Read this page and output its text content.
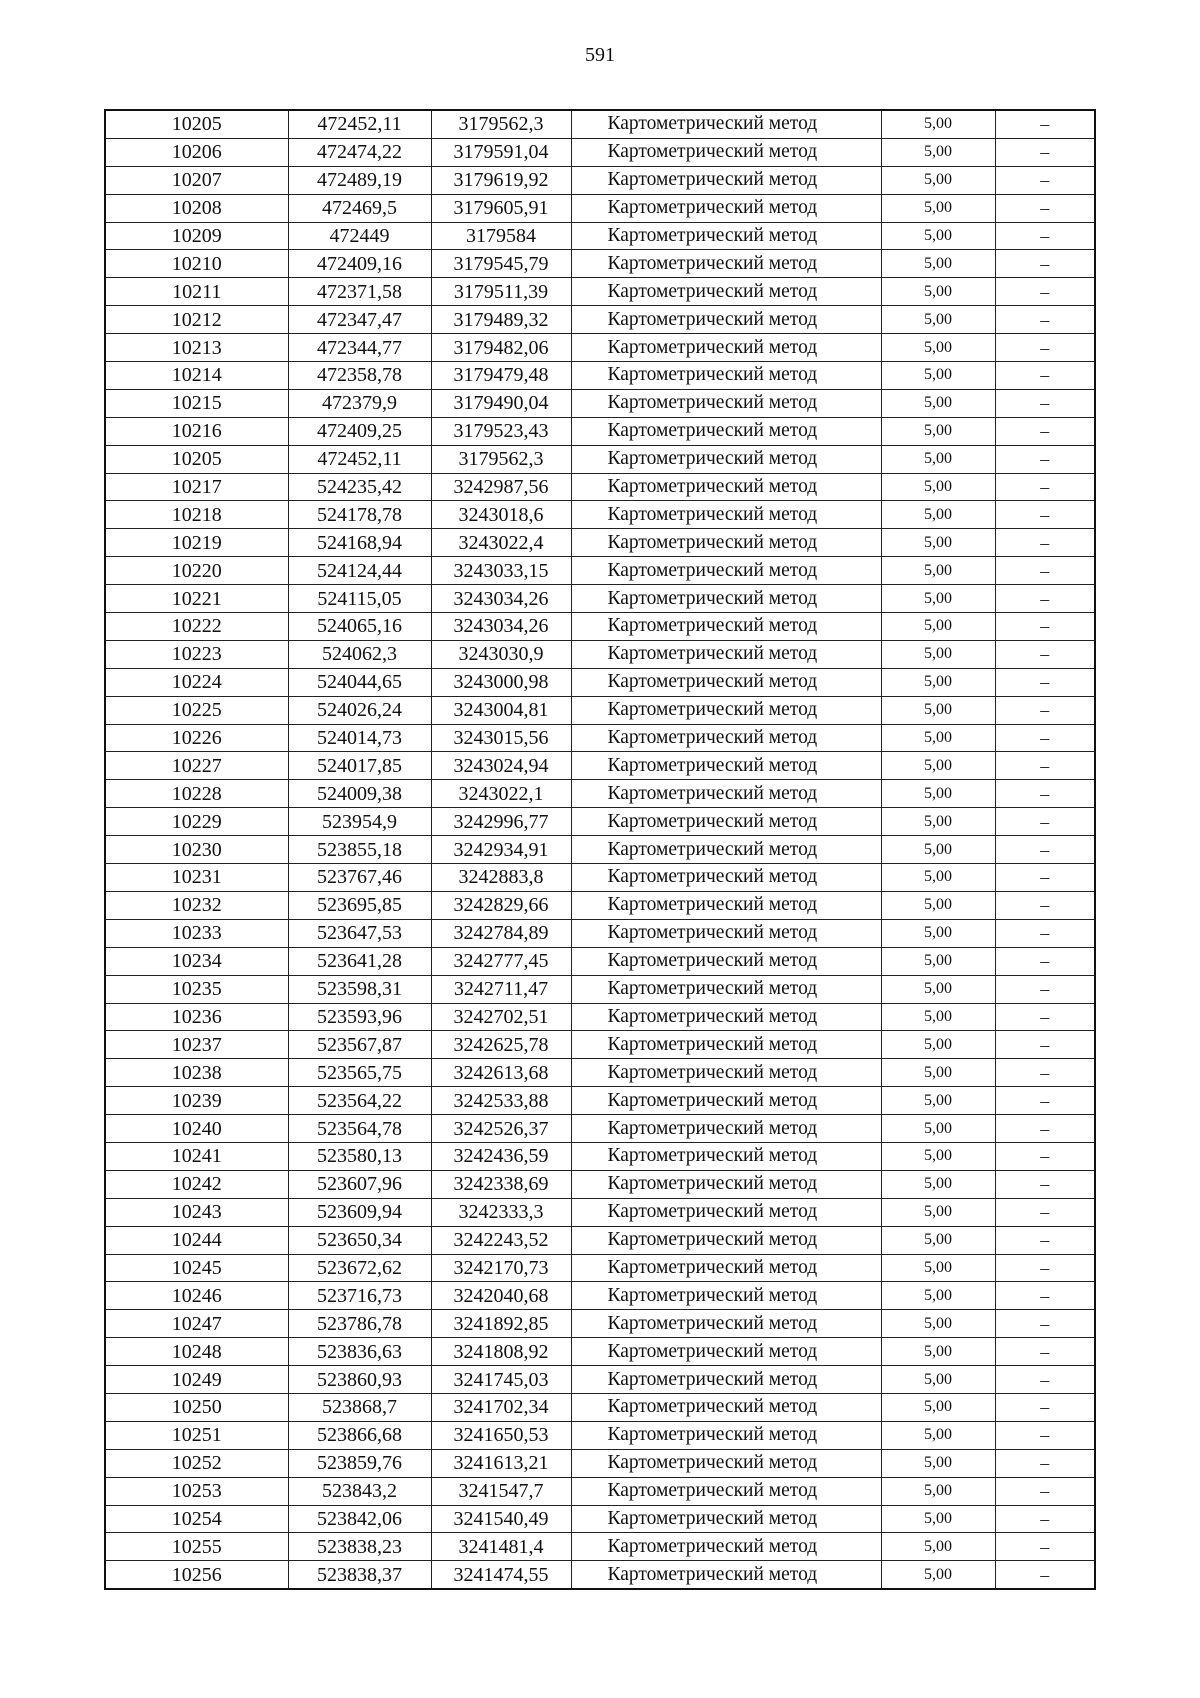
591
10205	472452,11	3179562,3	Картометрический метод	5,00	–
10206	472474,22	3179591,04	Картометрический метод	5,00	–
10207	472489,19	3179619,92	Картометрический метод	5,00	–
10208	472469,5	3179605,91	Картометрический метод	5,00	–
10209	472449	3179584	Картометрический метод	5,00	–
10210	472409,16	3179545,79	Картометрический метод	5,00	–
10211	472371,58	3179511,39	Картометрический метод	5,00	–
10212	472347,47	3179489,32	Картометрический метод	5,00	–
10213	472344,77	3179482,06	Картометрический метод	5,00	–
10214	472358,78	3179479,48	Картометрический метод	5,00	–
10215	472379,9	3179490,04	Картометрический метод	5,00	–
10216	472409,25	3179523,43	Картометрический метод	5,00	–
10205	472452,11	3179562,3	Картометрический метод	5,00	–
10217	524235,42	3242987,56	Картометрический метод	5,00	–
10218	524178,78	3243018,6	Картометрический метод	5,00	–
10219	524168,94	3243022,4	Картометрический метод	5,00	–
10220	524124,44	3243033,15	Картометрический метод	5,00	–
10221	524115,05	3243034,26	Картометрический метод	5,00	–
10222	524065,16	3243034,26	Картометрический метод	5,00	–
10223	524062,3	3243030,9	Картометрический метод	5,00	–
10224	524044,65	3243000,98	Картометрический метод	5,00	–
10225	524026,24	3243004,81	Картометрический метод	5,00	–
10226	524014,73	3243015,56	Картометрический метод	5,00	–
10227	524017,85	3243024,94	Картометрический метод	5,00	–
10228	524009,38	3243022,1	Картометрический метод	5,00	–
10229	523954,9	3242996,77	Картометрический метод	5,00	–
10230	523855,18	3242934,91	Картометрический метод	5,00	–
10231	523767,46	3242883,8	Картометрический метод	5,00	–
10232	523695,85	3242829,66	Картометрический метод	5,00	–
10233	523647,53	3242784,89	Картометрический метод	5,00	–
10234	523641,28	3242777,45	Картометрический метод	5,00	–
10235	523598,31	3242711,47	Картометрический метод	5,00	–
10236	523593,96	3242702,51	Картометрический метод	5,00	–
10237	523567,87	3242625,78	Картометрический метод	5,00	–
10238	523565,75	3242613,68	Картометрический метод	5,00	–
10239	523564,22	3242533,88	Картометрический метод	5,00	–
10240	523564,78	3242526,37	Картометрический метод	5,00	–
10241	523580,13	3242436,59	Картометрический метод	5,00	–
10242	523607,96	3242338,69	Картометрический метод	5,00	–
10243	523609,94	3242333,3	Картометрический метод	5,00	–
10244	523650,34	3242243,52	Картометрический метод	5,00	–
10245	523672,62	3242170,73	Картометрический метод	5,00	–
10246	523716,73	3242040,68	Картометрический метод	5,00	–
10247	523786,78	3241892,85	Картометрический метод	5,00	–
10248	523836,63	3241808,92	Картометрический метод	5,00	–
10249	523860,93	3241745,03	Картометрический метод	5,00	–
10250	523868,7	3241702,34	Картометрический метод	5,00	–
10251	523866,68	3241650,53	Картометрический метод	5,00	–
10252	523859,76	3241613,21	Картометрический метод	5,00	–
10253	523843,2	3241547,7	Картометрический метод	5,00	–
10254	523842,06	3241540,49	Картометрический метод	5,00	–
10255	523838,23	3241481,4	Картометрический метод	5,00	–
10256	523838,37	3241474,55	Картометрический метод	5,00	–
